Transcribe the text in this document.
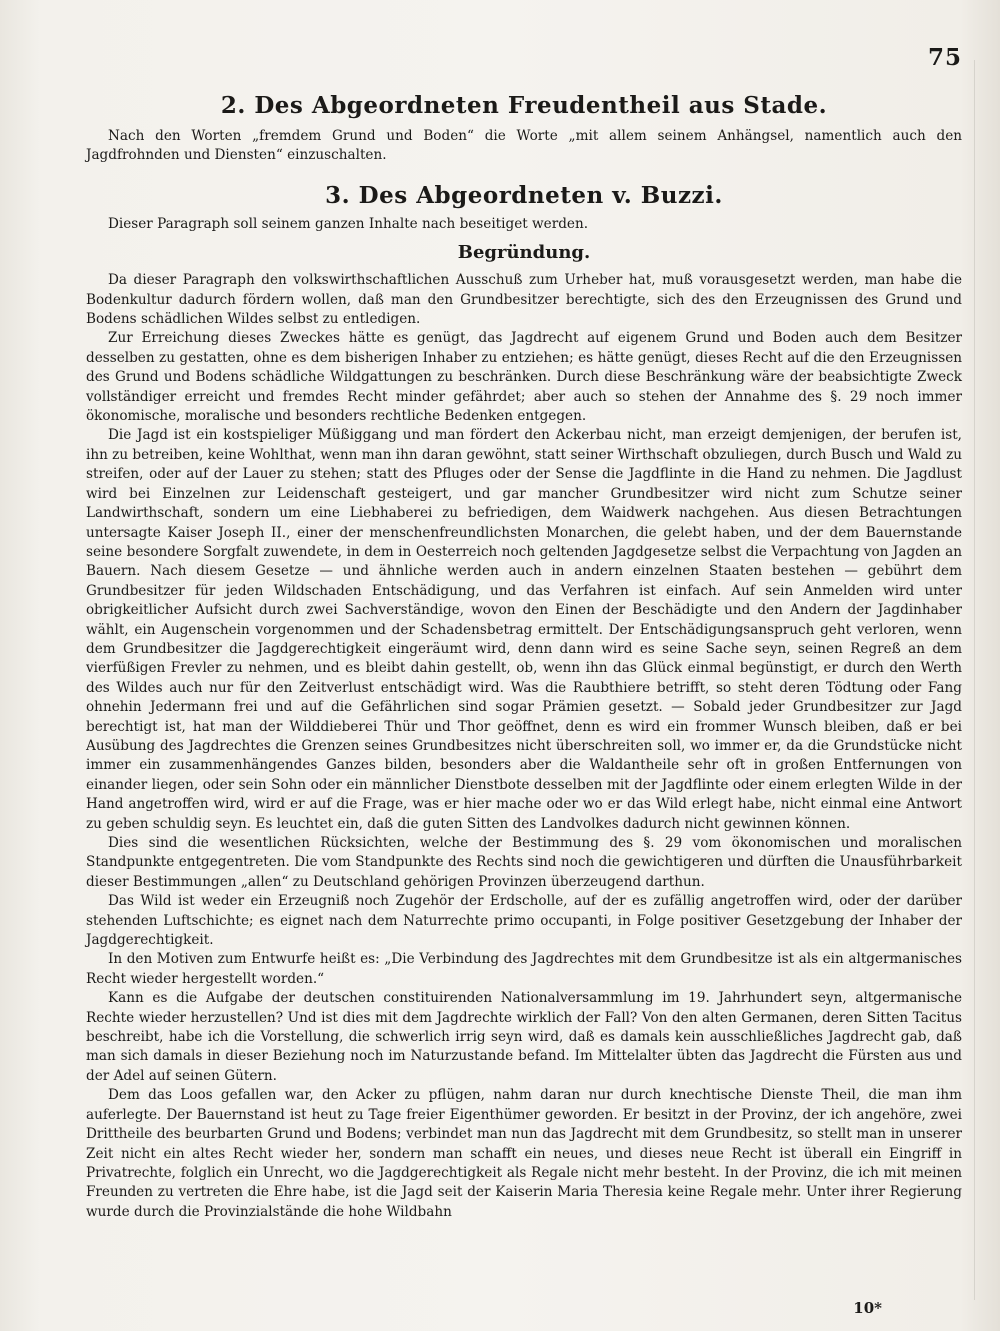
75
2. Des Abgeordneten Freudentheil aus Stade.

Nach den Worten „fremdem Grund und Boden“ die Worte „mit allem seinem Anhängsel, namentlich auch den Jagdfrohnden und Diensten“ einzuschalten.

3. Des Abgeordneten v. Buzzi.

Dieser Paragraph soll seinem ganzen Inhalte nach beseitiget werden.

Begründung.

Da dieser Paragraph den volkswirthschaftlichen Ausschuß zum Urheber hat, muß vorausgesetzt werden, man habe die Bodenkultur dadurch fördern wollen, daß man den Grundbesitzer berechtigte, sich des den Erzeugnissen des Grund und Bodens schädlichen Wildes selbst zu entledigen.

Zur Erreichung dieses Zweckes hätte es genügt, das Jagdrecht auf eigenem Grund und Boden auch dem Besitzer desselben zu gestatten, ohne es dem bisherigen Inhaber zu entziehen; es hätte genügt, dieses Recht auf die den Erzeugnissen des Grund und Bodens schädliche Wildgattungen zu beschränken. Durch diese Beschränkung wäre der beabsichtigte Zweck vollständiger erreicht und fremdes Recht minder gefährdet; aber auch so stehen der Annahme des §. 29 noch immer ökonomische, moralische und besonders rechtliche Bedenken entgegen.

Die Jagd ist ein kostspieliger Müßiggang und man fördert den Ackerbau nicht, man erzeigt demjenigen, der berufen ist, ihn zu betreiben, keine Wohlthat, wenn man ihn daran gewöhnt, statt seiner Wirthschaft obzuliegen, durch Busch und Wald zu streifen, oder auf der Lauer zu stehen; statt des Pfluges oder der Sense die Jagdflinte in die Hand zu nehmen. Die Jagdlust wird bei Einzelnen zur Leidenschaft gesteigert, und gar mancher Grundbesitzer wird nicht zum Schutze seiner Landwirthschaft, sondern um eine Liebhaberei zu befriedigen, dem Waidwerk nachgehen. Aus diesen Betrachtungen untersagte Kaiser Joseph II., einer der menschenfreundlichsten Monarchen, die gelebt haben, und der dem Bauernstande seine besondere Sorgfalt zuwendete, in dem in Oesterreich noch geltenden Jagdgesetze selbst die Verpachtung von Jagden an Bauern. Nach diesem Gesetze — und ähnliche werden auch in andern einzelnen Staaten bestehen — gebührt dem Grundbesitzer für jeden Wildschaden Entschädigung, und das Verfahren ist einfach. Auf sein Anmelden wird unter obrigkeitlicher Aufsicht durch zwei Sachverständige, wovon den Einen der Beschädigte und den Andern der Jagdinhaber wählt, ein Augenschein vorgenommen und der Schadensbetrag ermittelt. Der Entschädigungsanspruch geht verloren, wenn dem Grundbesitzer die Jagdgerechtigkeit eingeräumt wird, denn dann wird es seine Sache seyn, seinen Regreß an dem vierfüßigen Frevler zu nehmen, und es bleibt dahin gestellt, ob, wenn ihn das Glück einmal begünstigt, er durch den Werth des Wildes auch nur für den Zeitverlust entschädigt wird. Was die Raubthiere betrifft, so steht deren Tödtung oder Fang ohnehin Jedermann frei und auf die Gefährlichen sind sogar Prämien gesetzt. — Sobald jeder Grundbesitzer zur Jagd berechtigt ist, hat man der Wilddieberei Thür und Thor geöffnet, denn es wird ein frommer Wunsch bleiben, daß er bei Ausübung des Jagdrechtes die Grenzen seines Grundbesitzes nicht überschreiten soll, wo immer er, da die Grundstücke nicht immer ein zusammenhängendes Ganzes bilden, besonders aber die Waldantheile sehr oft in großen Entfernungen von einander liegen, oder sein Sohn oder ein männlicher Dienstbote desselben mit der Jagdflinte oder einem erlegten Wilde in der Hand angetroffen wird, wird er auf die Frage, was er hier mache oder wo er das Wild erlegt habe, nicht einmal eine Antwort zu geben schuldig seyn. Es leuchtet ein, daß die guten Sitten des Landvolkes dadurch nicht gewinnen können.

Dies sind die wesentlichen Rücksichten, welche der Bestimmung des §. 29 vom ökonomischen und moralischen Standpunkte entgegentreten. Die vom Standpunkte des Rechts sind noch die gewichtigeren und dürften die Unausführbarkeit dieser Bestimmungen „allen“ zu Deutschland gehörigen Provinzen überzeugend darthun.

Das Wild ist weder ein Erzeugniß noch Zugehör der Erdscholle, auf der es zufällig angetroffen wird, oder der darüber stehenden Luftschichte; es eignet nach dem Naturrechte primo occupanti, in Folge positiver Gesetzgebung der Inhaber der Jagdgerechtigkeit.

In den Motiven zum Entwurfe heißt es: „Die Verbindung des Jagdrechtes mit dem Grundbesitze ist als ein altgermanisches Recht wieder hergestellt worden.“

Kann es die Aufgabe der deutschen constituirenden Nationalversammlung im 19. Jahrhundert seyn, altgermanische Rechte wieder herzustellen? Und ist dies mit dem Jagdrechte wirklich der Fall? Von den alten Germanen, deren Sitten Tacitus beschreibt, habe ich die Vorstellung, die schwerlich irrig seyn wird, daß es damals kein ausschließliches Jagdrecht gab, daß man sich damals in dieser Beziehung noch im Naturzustande befand. Im Mittelalter übten das Jagdrecht die Fürsten aus und der Adel auf seinen Gütern.

Dem das Loos gefallen war, den Acker zu pflügen, nahm daran nur durch knechtische Dienste Theil, die man ihm auferlegte. Der Bauernstand ist heut zu Tage freier Eigenthümer geworden. Er besitzt in der Provinz, der ich angehöre, zwei Drittheile des beurbarten Grund und Bodens; verbindet man nun das Jagdrecht mit dem Grundbesitz, so stellt man in unserer Zeit nicht ein altes Recht wieder her, sondern man schafft ein neues, und dieses neue Recht ist überall ein Eingriff in Privatrechte, folglich ein Unrecht, wo die Jagdgerechtigkeit als Regale nicht mehr besteht. In der Provinz, die ich mit meinen Freunden zu vertreten die Ehre habe, ist die Jagd seit der Kaiserin Maria Theresia keine Regale mehr. Unter ihrer Regierung wurde durch die Provinzialstände die hohe Wildbahn

10*
